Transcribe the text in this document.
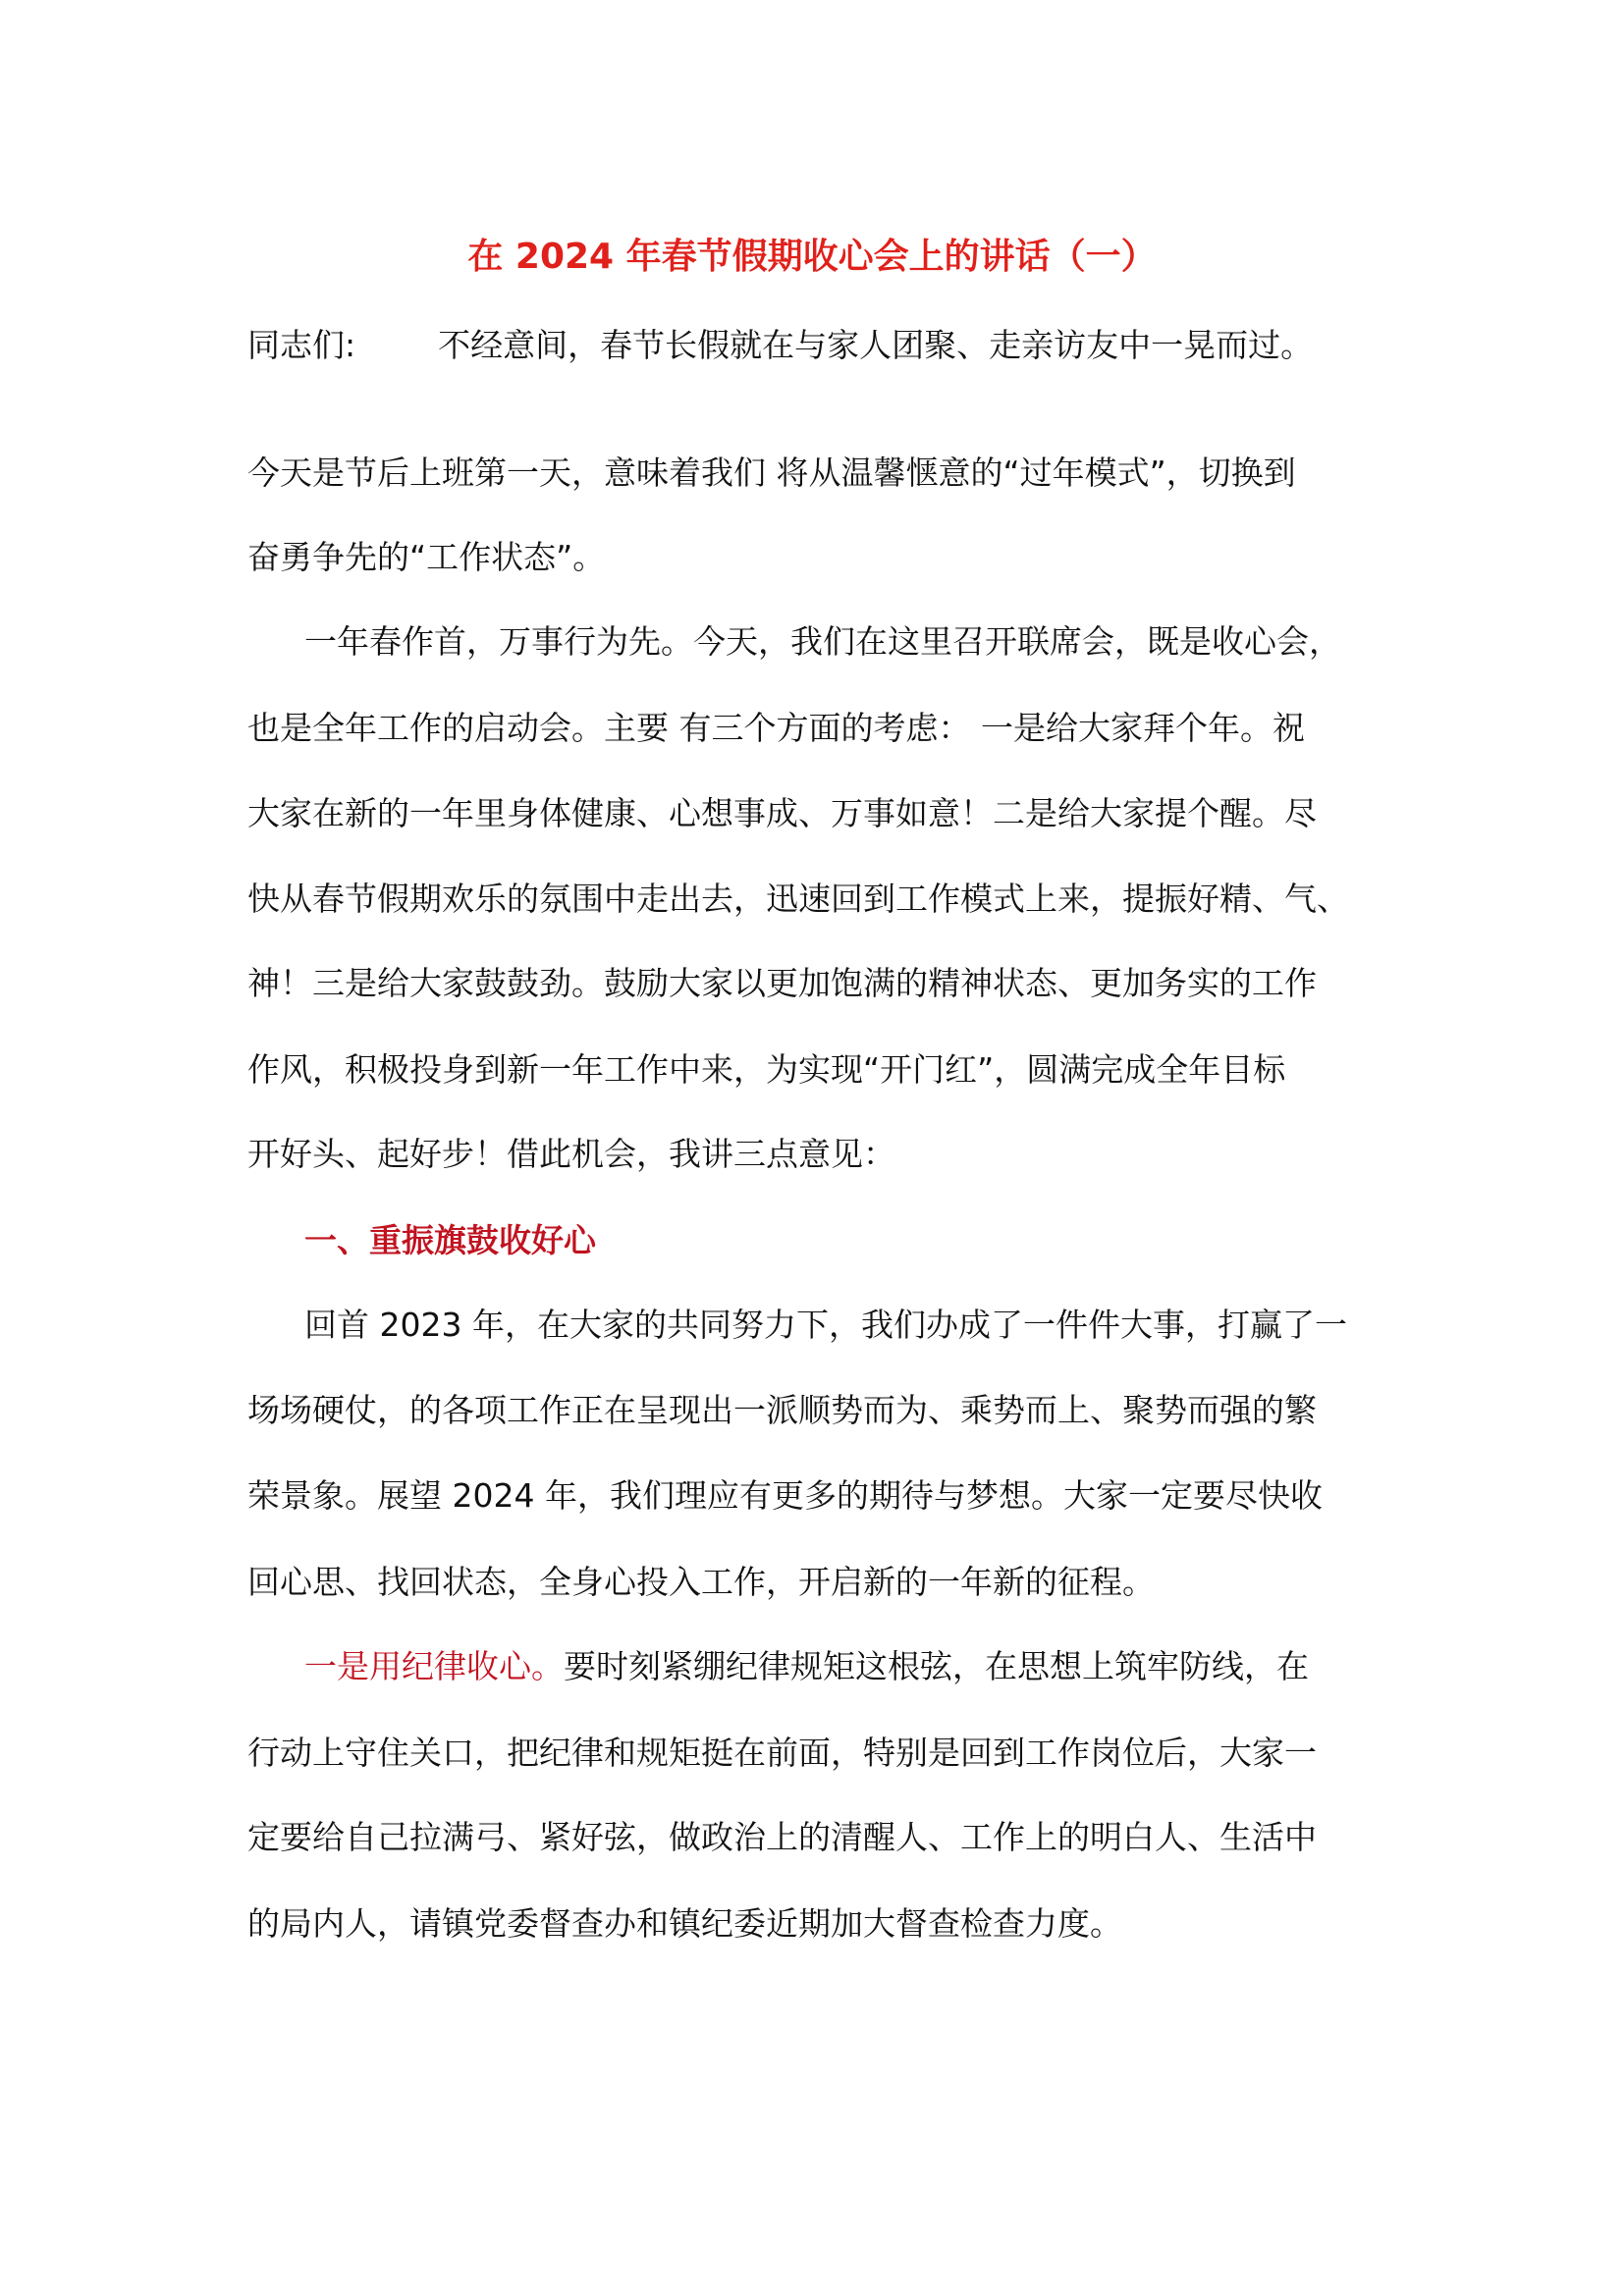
在 2024 年春节假期收心会上的讲话（一）
同志们:	不经意间，春节长假就在与家人团聚、走亲访友中一晃而过。
今天是节后上班第一天，意味着我们 将从温馨惬意的“过年模式”，切换到
奋勇争先的“工作状态”。
一年春作首，万事行为先。今天，我们在这里召开联席会，既是收心会，
也是全年工作的启动会。主要 有三个方面的考虑： 一是给大家拜个年。祝
大家在新的一年里身体健康、心想事成、万事如意！二是给大家提个醒。尽
快从春节假期欢乐的氛围中走出去，迅速回到工作模式上来，提振好精、气、
神！三是给大家鼓鼓劲。鼓励大家以更加饱满的精神状态、更加务实的工作
作风，积极投身到新一年工作中来，为实现“开门红”，圆满完成全年目标
开好头、起好步！借此机会，我讲三点意见：
一、重振旗鼓收好心
回首 2023 年，在大家的共同努力下，我们办成了一件件大事，打赢了一
场场硬仗，的各项工作正在呈现出一派顺势而为、乘势而上、聚势而强的繁
荣景象。展望 2024 年，我们理应有更多的期待与梦想。大家一定要尽快收
回心思、找回状态，全身心投入工作，开启新的一年新的征程。
一是用纪律收心。要时刻紧绷纪律规矩这根弦，在思想上筑牢防线，在
行动上守住关口，把纪律和规矩挺在前面，特别是回到工作岗位后，大家一
定要给自己拉满弓、紧好弦，做政治上的清醒人、工作上的明白人、生活中
的局内人，请镇党委督查办和镇纪委近期加大督查检查力度。
